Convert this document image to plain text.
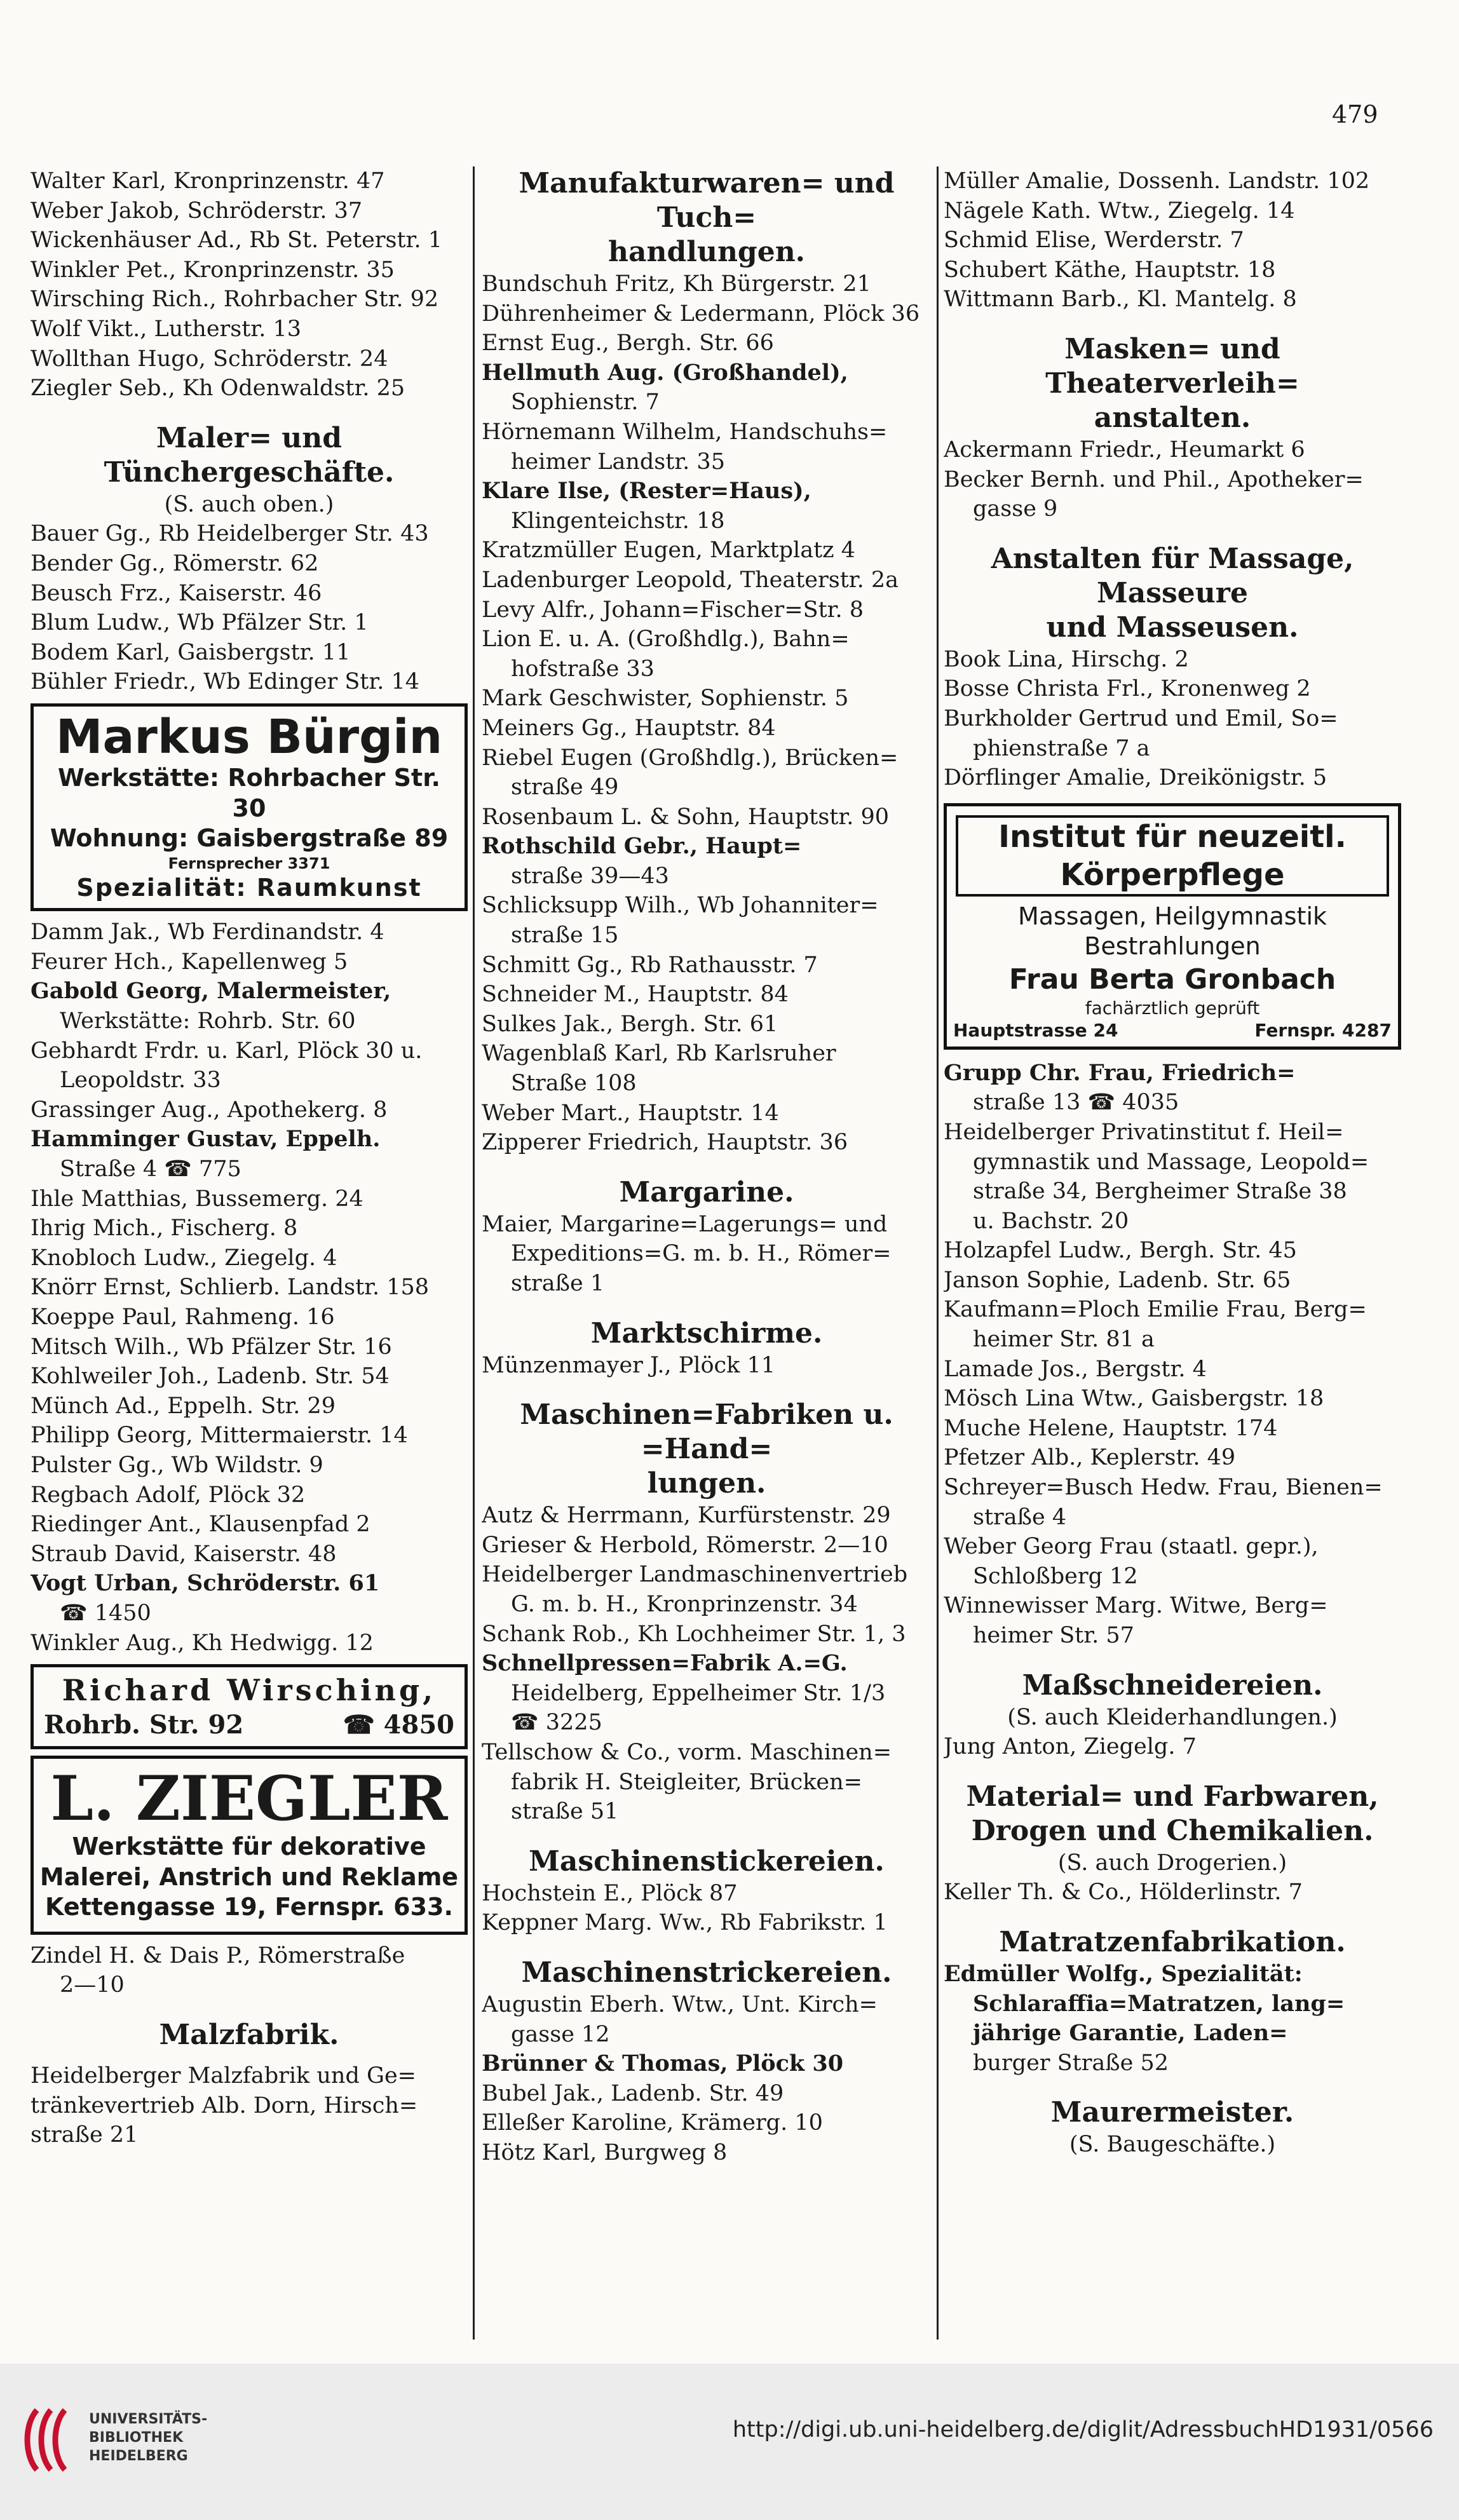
479
Walter Karl, Kronprinzenstr. 47
Weber Jakob, Schröderstr. 37
Wickenhäuser Ad., Rb St. Peterstr. 1
Winkler Pet., Kronprinzenstr. 35
Wirsching Rich., Rohrbacher Str. 92
Wolf Vikt., Lutherstr. 13
Wollthan Hugo, Schröderstr. 24
Ziegler Seb., Kh Odenwaldstr. 25
Maler= und Tünchergeschäfte.
(S. auch oben.)
Bauer Gg., Rb Heidelberger Str. 43
Bender Gg., Römerstr. 62
Beusch Frz., Kaiserstr. 46
Blum Ludw., Wb Pfälzer Str. 1
Bodem Karl, Gaisbergstr. 11
Bühler Friedr., Wb Edinger Str. 14
Markus Bürgin
Werkstätte: Rohrbacher Str. 30
Wohnung: Gaisbergstraße 89
Fernsprecher 3371
Spezialität: Raumkunst
Damm Jak., Wb Ferdinandstr. 4
Feurer Hch., Kapellenweg 5
Gabold Georg, Malermeister,
Werkstätte: Rohrb. Str. 60
Gebhardt Frdr. u. Karl, Plöck 30 u.
Leopoldstr. 33
Grassinger Aug., Apothekerg. 8
Hamminger Gustav, Eppelh.
Straße 4 ☎ 775
Ihle Matthias, Bussemerg. 24
Ihrig Mich., Fischerg. 8
Knobloch Ludw., Ziegelg. 4
Knörr Ernst, Schlierb. Landstr. 158
Koeppe Paul, Rahmeng. 16
Mitsch Wilh., Wb Pfälzer Str. 16
Kohlweiler Joh., Ladenb. Str. 54
Münch Ad., Eppelh. Str. 29
Philipp Georg, Mittermaierstr. 14
Pulster Gg., Wb Wildstr. 9
Regbach Adolf, Plöck 32
Riedinger Ant., Klausenpfad 2
Straub David, Kaiserstr. 48
Vogt Urban, Schröderstr. 61
☎ 1450
Winkler Aug., Kh Hedwigg. 12
Richard Wirsching,
Rohrb. Str. 92	☎ 4850
L. ZIEGLER
Werkstätte für dekorative
Malerei, Anstrich und Reklame
Kettengasse 19, Fernspr. 633.
Zindel H. & Dais P., Römerstraße
2—10
Malzfabrik.
Heidelberger Malzfabrik und Ge=
tränkevertrieb Alb. Dorn, Hirsch=
straße 21
Manufakturwaren= und Tuch=
handlungen.
Bundschuh Fritz, Kh Bürgerstr. 21
Dührenheimer & Ledermann, Plöck 36
Ernst Eug., Bergh. Str. 66
Hellmuth Aug. (Großhandel),
Sophienstr. 7
Hörnemann Wilhelm, Handschuhs=
heimer Landstr. 35
Klare Ilse, (Rester=Haus),
Klingenteichstr. 18
Kratzmüller Eugen, Marktplatz 4
Ladenburger Leopold, Theaterstr. 2a
Levy Alfr., Johann=Fischer=Str. 8
Lion E. u. A. (Großhdlg.), Bahn=
hofstraße 33
Mark Geschwister, Sophienstr. 5
Meiners Gg., Hauptstr. 84
Riebel Eugen (Großhdlg.), Brücken=
straße 49
Rosenbaum L. & Sohn, Hauptstr. 90
Rothschild Gebr., Haupt=
straße 39—43
Schlicksupp Wilh., Wb Johanniter=
straße 15
Schmitt Gg., Rb Rathausstr. 7
Schneider M., Hauptstr. 84
Sulkes Jak., Bergh. Str. 61
Wagenblaß Karl, Rb Karlsruher
Straße 108
Weber Mart., Hauptstr. 14
Zipperer Friedrich, Hauptstr. 36
Margarine.
Maier, Margarine=Lagerungs= und
Expeditions=G. m. b. H., Römer=
straße 1
Marktschirme.
Münzenmayer J., Plöck 11
Maschinen=Fabriken u. =Hand=
lungen.
Autz & Herrmann, Kurfürstenstr. 29
Grieser & Herbold, Römerstr. 2—10
Heidelberger Landmaschinenvertrieb
G. m. b. H., Kronprinzenstr. 34
Schank Rob., Kh Lochheimer Str. 1, 3
Schnellpressen=Fabrik A.=G.
Heidelberg, Eppelheimer Str. 1/3
☎ 3225
Tellschow & Co., vorm. Maschinen=
fabrik H. Steigleiter, Brücken=
straße 51
Maschinenstickereien.
Hochstein E., Plöck 87
Keppner Marg. Ww., Rb Fabrikstr. 1
Maschinenstrickereien.
Augustin Eberh. Wtw., Unt. Kirch=
gasse 12
Brünner & Thomas, Plöck 30
Bubel Jak., Ladenb. Str. 49
Elleßer Karoline, Krämerg. 10
Hötz Karl, Burgweg 8
Müller Amalie, Dossenh. Landstr. 102
Nägele Kath. Wtw., Ziegelg. 14
Schmid Elise, Werderstr. 7
Schubert Käthe, Hauptstr. 18
Wittmann Barb., Kl. Mantelg. 8
Masken= und Theaterverleih=
anstalten.
Ackermann Friedr., Heumarkt 6
Becker Bernh. und Phil., Apotheker=
gasse 9
Anstalten für Massage, Masseure
und Masseusen.
Book Lina, Hirschg. 2
Bosse Christa Frl., Kronenweg 2
Burkholder Gertrud und Emil, So=
phienstraße 7 a
Dörflinger Amalie, Dreikönigstr. 5
Institut für neuzeitl. Körperpflege
Massagen, Heilgymnastik
Bestrahlungen
Frau Berta Gronbach
fachärztlich geprüft
Hauptstrasse 24	Fernspr. 4287
Grupp Chr. Frau, Friedrich=
straße 13 ☎ 4035
Heidelberger Privatinstitut f. Heil=
gymnastik und Massage, Leopold=
straße 34, Bergheimer Straße 38
u. Bachstr. 20
Holzapfel Ludw., Bergh. Str. 45
Janson Sophie, Ladenb. Str. 65
Kaufmann=Ploch Emilie Frau, Berg=
heimer Str. 81 a
Lamade Jos., Bergstr. 4
Mösch Lina Wtw., Gaisbergstr. 18
Muche Helene, Hauptstr. 174
Pfetzer Alb., Keplerstr. 49
Schreyer=Busch Hedw. Frau, Bienen=
straße 4
Weber Georg Frau (staatl. gepr.),
Schloßberg 12
Winnewisser Marg. Witwe, Berg=
heimer Str. 57
Maßschneidereien.
(S. auch Kleiderhandlungen.)
Jung Anton, Ziegelg. 7
Material= und Farbwaren,
Drogen und Chemikalien.
(S. auch Drogerien.)
Keller Th. & Co., Hölderlinstr. 7
Matratzenfabrikation.
Edmüller Wolfg., Spezialität:
Schlaraffia=Matratzen, lang=
jährige Garantie, Laden=
burger Straße 52
Maurermeister.
(S. Baugeschäfte.)
UNIVERSITÄTS-
BIBLIOTHEK
HEIDELBERG
http://digi.ub.uni-heidelberg.de/diglit/AdressbuchHD1931/0566
